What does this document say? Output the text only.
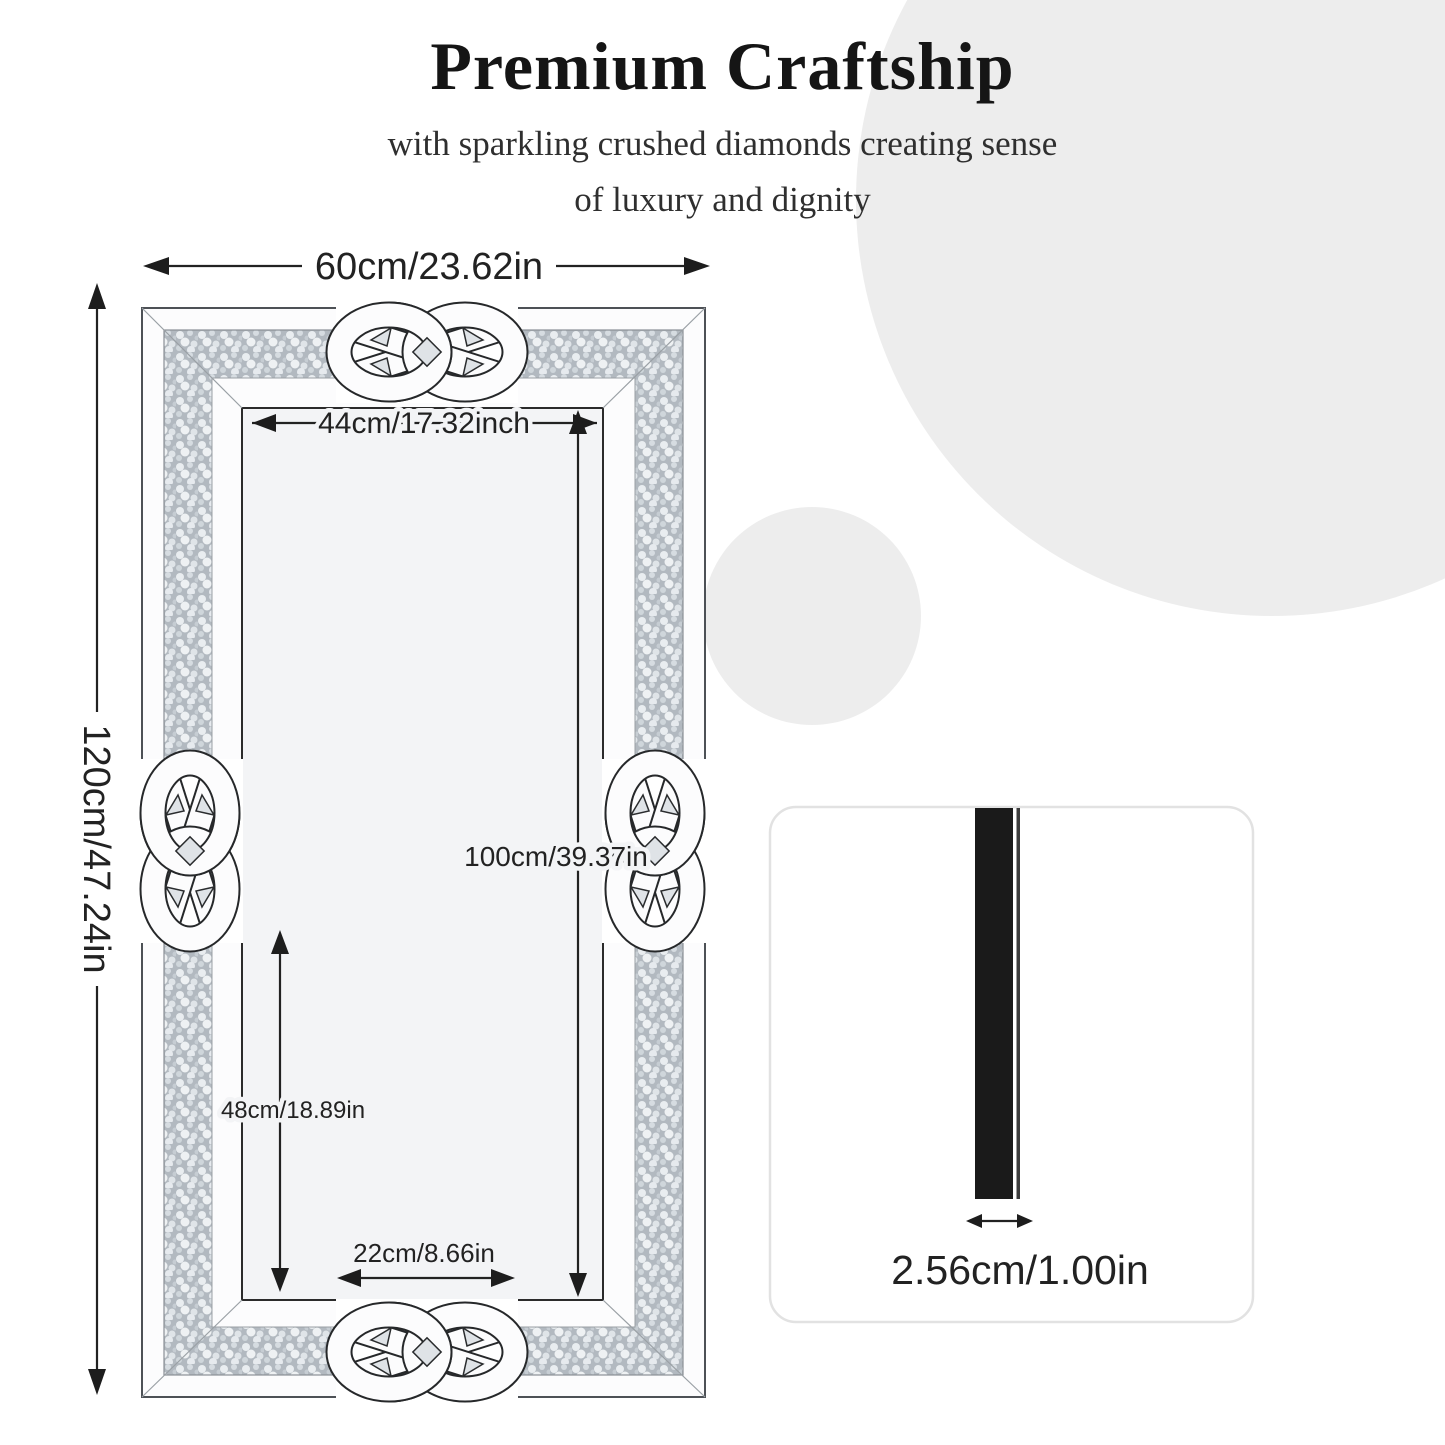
60cm/23.62in
120cm/47.24in
44cm/17.32inch
100cm/39.37in
48cm/18.89in
22cm/8.66in	2.56cm/1.00in
Premium Craftship
with sparkling crushed diamonds creating sense
of luxury and dignity
